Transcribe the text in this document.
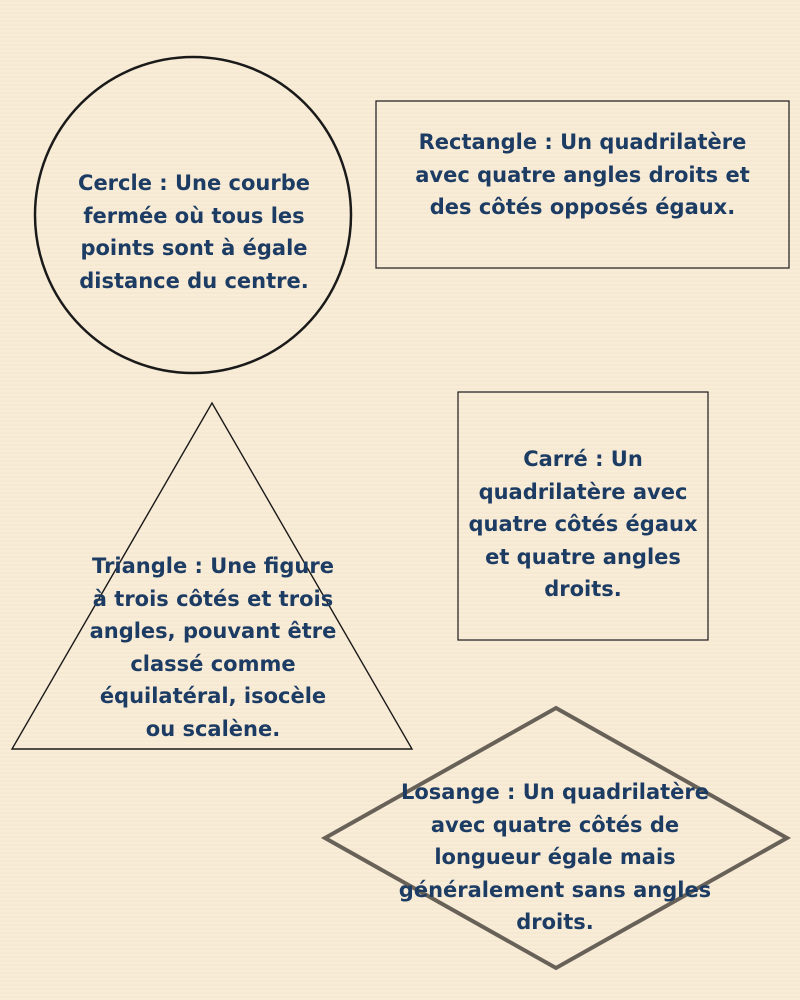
Cercle : Une courbe fermée où tous les points sont à égale distance du centre.

Rectangle : Un quadrilatère avec quatre angles droits et des côtés opposés égaux.

Carré : Un quadrilatère avec quatre côtés égaux et quatre angles droits.

Triangle : Une figure à trois côtés et trois angles, pouvant être classé comme équilatéral, isocèle ou scalène.

Losange : Un quadrilatère avec quatre côtés de longueur égale mais généralement sans angles droits.
